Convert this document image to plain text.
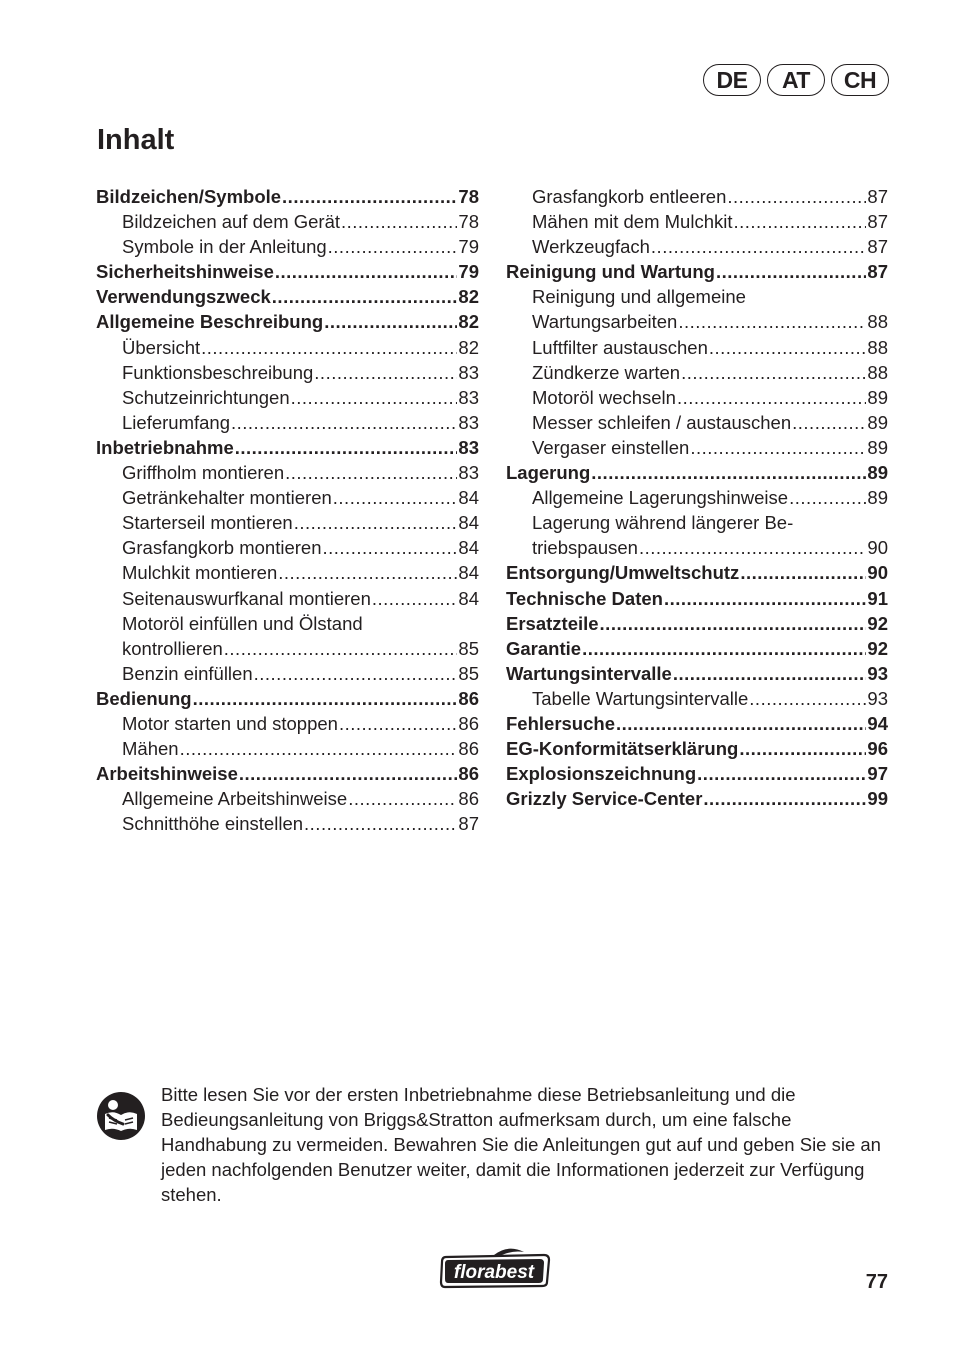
DE	AT	CH
Inhalt
Bildzeichen/Symbole .....	78
Bildzeichen auf dem Gerät .....	78
Symbole in der Anleitung .....	79
Sicherheitshinweise .....	79
Verwendungszweck .....	82
Allgemeine Beschreibung .....	82
Übersicht .....	82
Funktionsbeschreibung .....	83
Schutzeinrichtungen .....	83
Lieferumfang .....	83
Inbetriebnahme .....	83
Griffholm montieren .....	83
Getränkehalter montieren .....	84
Starterseil montieren .....	84
Grasfangkorb montieren .....	84
Mulchkit montieren .....	84
Seitenauswurfkanal montieren .....	84
Motoröl einfüllen und Ölstand
kontrollieren .....	85
Benzin einfüllen .....	85
Bedienung .....	86
Motor starten und stoppen .....	86
Mähen .....	86
Arbeitshinweise .....	86
Allgemeine Arbeitshinweise .....	86
Schnitthöhe einstellen .....	87
Grasfangkorb entleeren .....	87
Mähen mit dem Mulchkit .....	87
Werkzeugfach .....	87
Reinigung und Wartung .....	87
Reinigung und allgemeine
Wartungsarbeiten .....	88
Luftfilter austauschen .....	88
Zündkerze warten .....	88
Motoröl wechseln .....	89
Messer schleifen / austauschen .....	89
Vergaser einstellen .....	89
Lagerung .....	89
Allgemeine Lagerungshinweise .....	89
Lagerung während längerer Be-
triebspausen .....	90
Entsorgung/Umweltschutz .....	90
Technische Daten .....	91
Ersatzteile .....	92
Garantie .....	92
Wartungsintervalle .....	93
Tabelle Wartungsintervalle .....	93
Fehlersuche .....	94
EG-Konformitätserklärung .....	96
Explosionszeichnung .....	97
Grizzly Service-Center .....	99
Bitte lesen Sie vor der ersten Inbetriebnahme diese Betriebsanleitung und die Bedieungsanleitung von Briggs&Stratton aufmerksam durch, um eine falsche Handhabung zu vermeiden. Bewahren Sie die Anleitungen gut auf und geben Sie sie an jeden nachfolgenden Benutzer weiter, damit die Informationen jederzeit zur Verfügung stehen.
florabest	77
